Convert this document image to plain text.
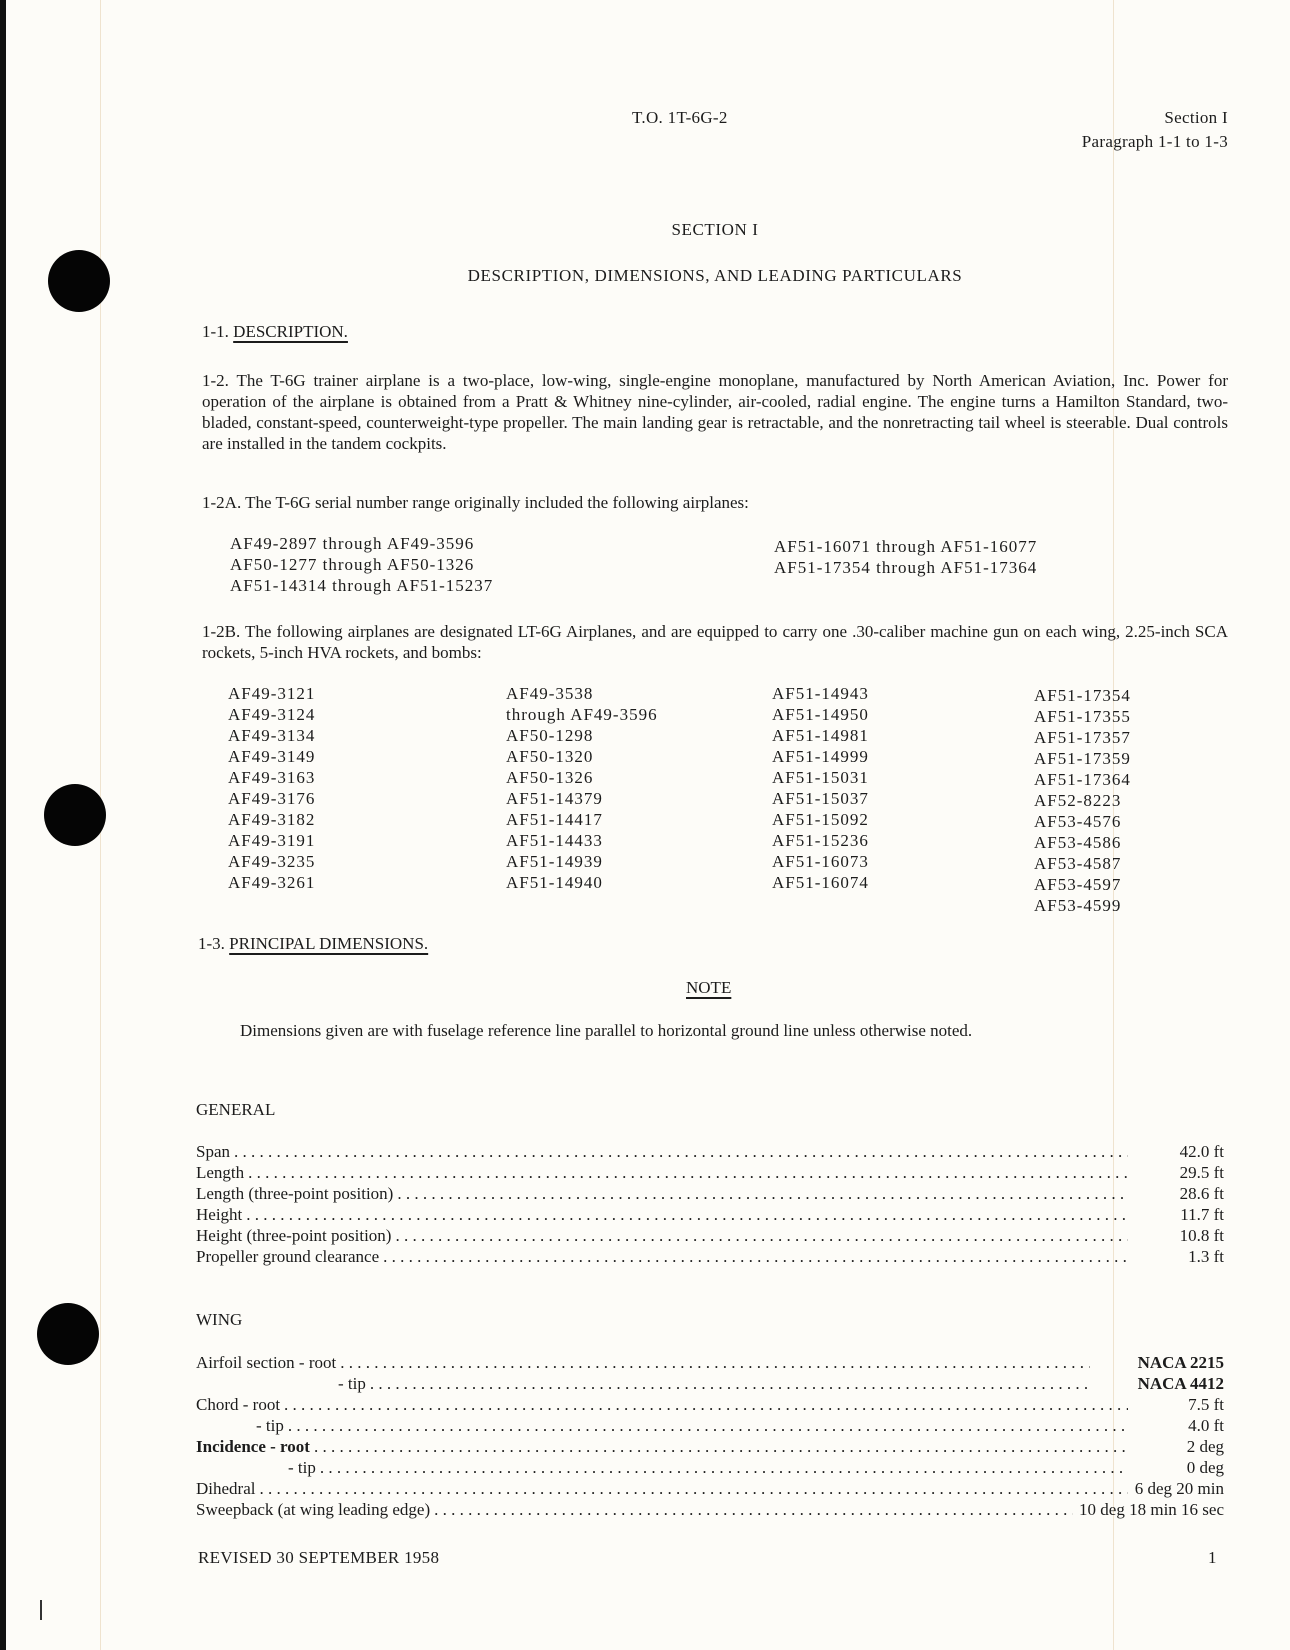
T.O. 1T-6G-2	Section I
Paragraph 1-1 to 1-3
SECTION I
DESCRIPTION, DIMENSIONS, AND LEADING PARTICULARS
1-1. DESCRIPTION.
1-2. The T-6G trainer airplane is a two-place, low-wing, single-engine monoplane, manufactured by North American Aviation, Inc. Power for operation of the airplane is obtained from a Pratt & Whitney nine-cylinder, air-cooled, radial engine. The engine turns a Hamilton Standard, two-bladed, constant-speed, counterweight-type propeller. The main landing gear is retractable, and the nonretracting tail wheel is steerable. Dual controls are installed in the tandem cockpits.
1-2A. The T-6G serial number range originally included the following airplanes:
AF49-2897 through AF49-3596
AF50-1277 through AF50-1326
AF51-14314 through AF51-15237
AF51-16071 through AF51-16077
AF51-17354 through AF51-17364
1-2B. The following airplanes are designated LT-6G Airplanes, and are equipped to carry one .30-caliber machine gun on each wing, 2.25-inch SCA rockets, 5-inch HVA rockets, and bombs:
AF49-3121
AF49-3124
AF49-3134
AF49-3149
AF49-3163
AF49-3176
AF49-3182
AF49-3191
AF49-3235
AF49-3261
AF49-3538
through AF49-3596
AF50-1298
AF50-1320
AF50-1326
AF51-14379
AF51-14417
AF51-14433
AF51-14939
AF51-14940
AF51-14943
AF51-14950
AF51-14981
AF51-14999
AF51-15031
AF51-15037
AF51-15092
AF51-15236
AF51-16073
AF51-16074
AF51-17354
AF51-17355
AF51-17357
AF51-17359
AF51-17364
AF52-8223
AF53-4576
AF53-4586
AF53-4587
AF53-4597
AF53-4599
1-3. PRINCIPAL DIMENSIONS.
NOTE
Dimensions given are with fuselage reference line parallel to horizontal ground line unless otherwise noted.
GENERAL
Span . . .	42.0 ft
Length . . .	29.5 ft
Length (three-point position) . . .	28.6 ft
Height . . .	11.7 ft
Height (three-point position) . . .	10.8 ft
Propeller ground clearance . . .	1.3 ft
WING
Airfoil section - root . . .	NACA 2215
- tip . . .	NACA 4412
Chord - root . . .	7.5 ft
- tip . . .	4.0 ft
Incidence - root . . .	2 deg
- tip . . .	0 deg
Dihedral . . .	6 deg 20 min
Sweepback (at wing leading edge) . . .	10 deg 18 min 16 sec
REVISED 30 SEPTEMBER 1958	1
